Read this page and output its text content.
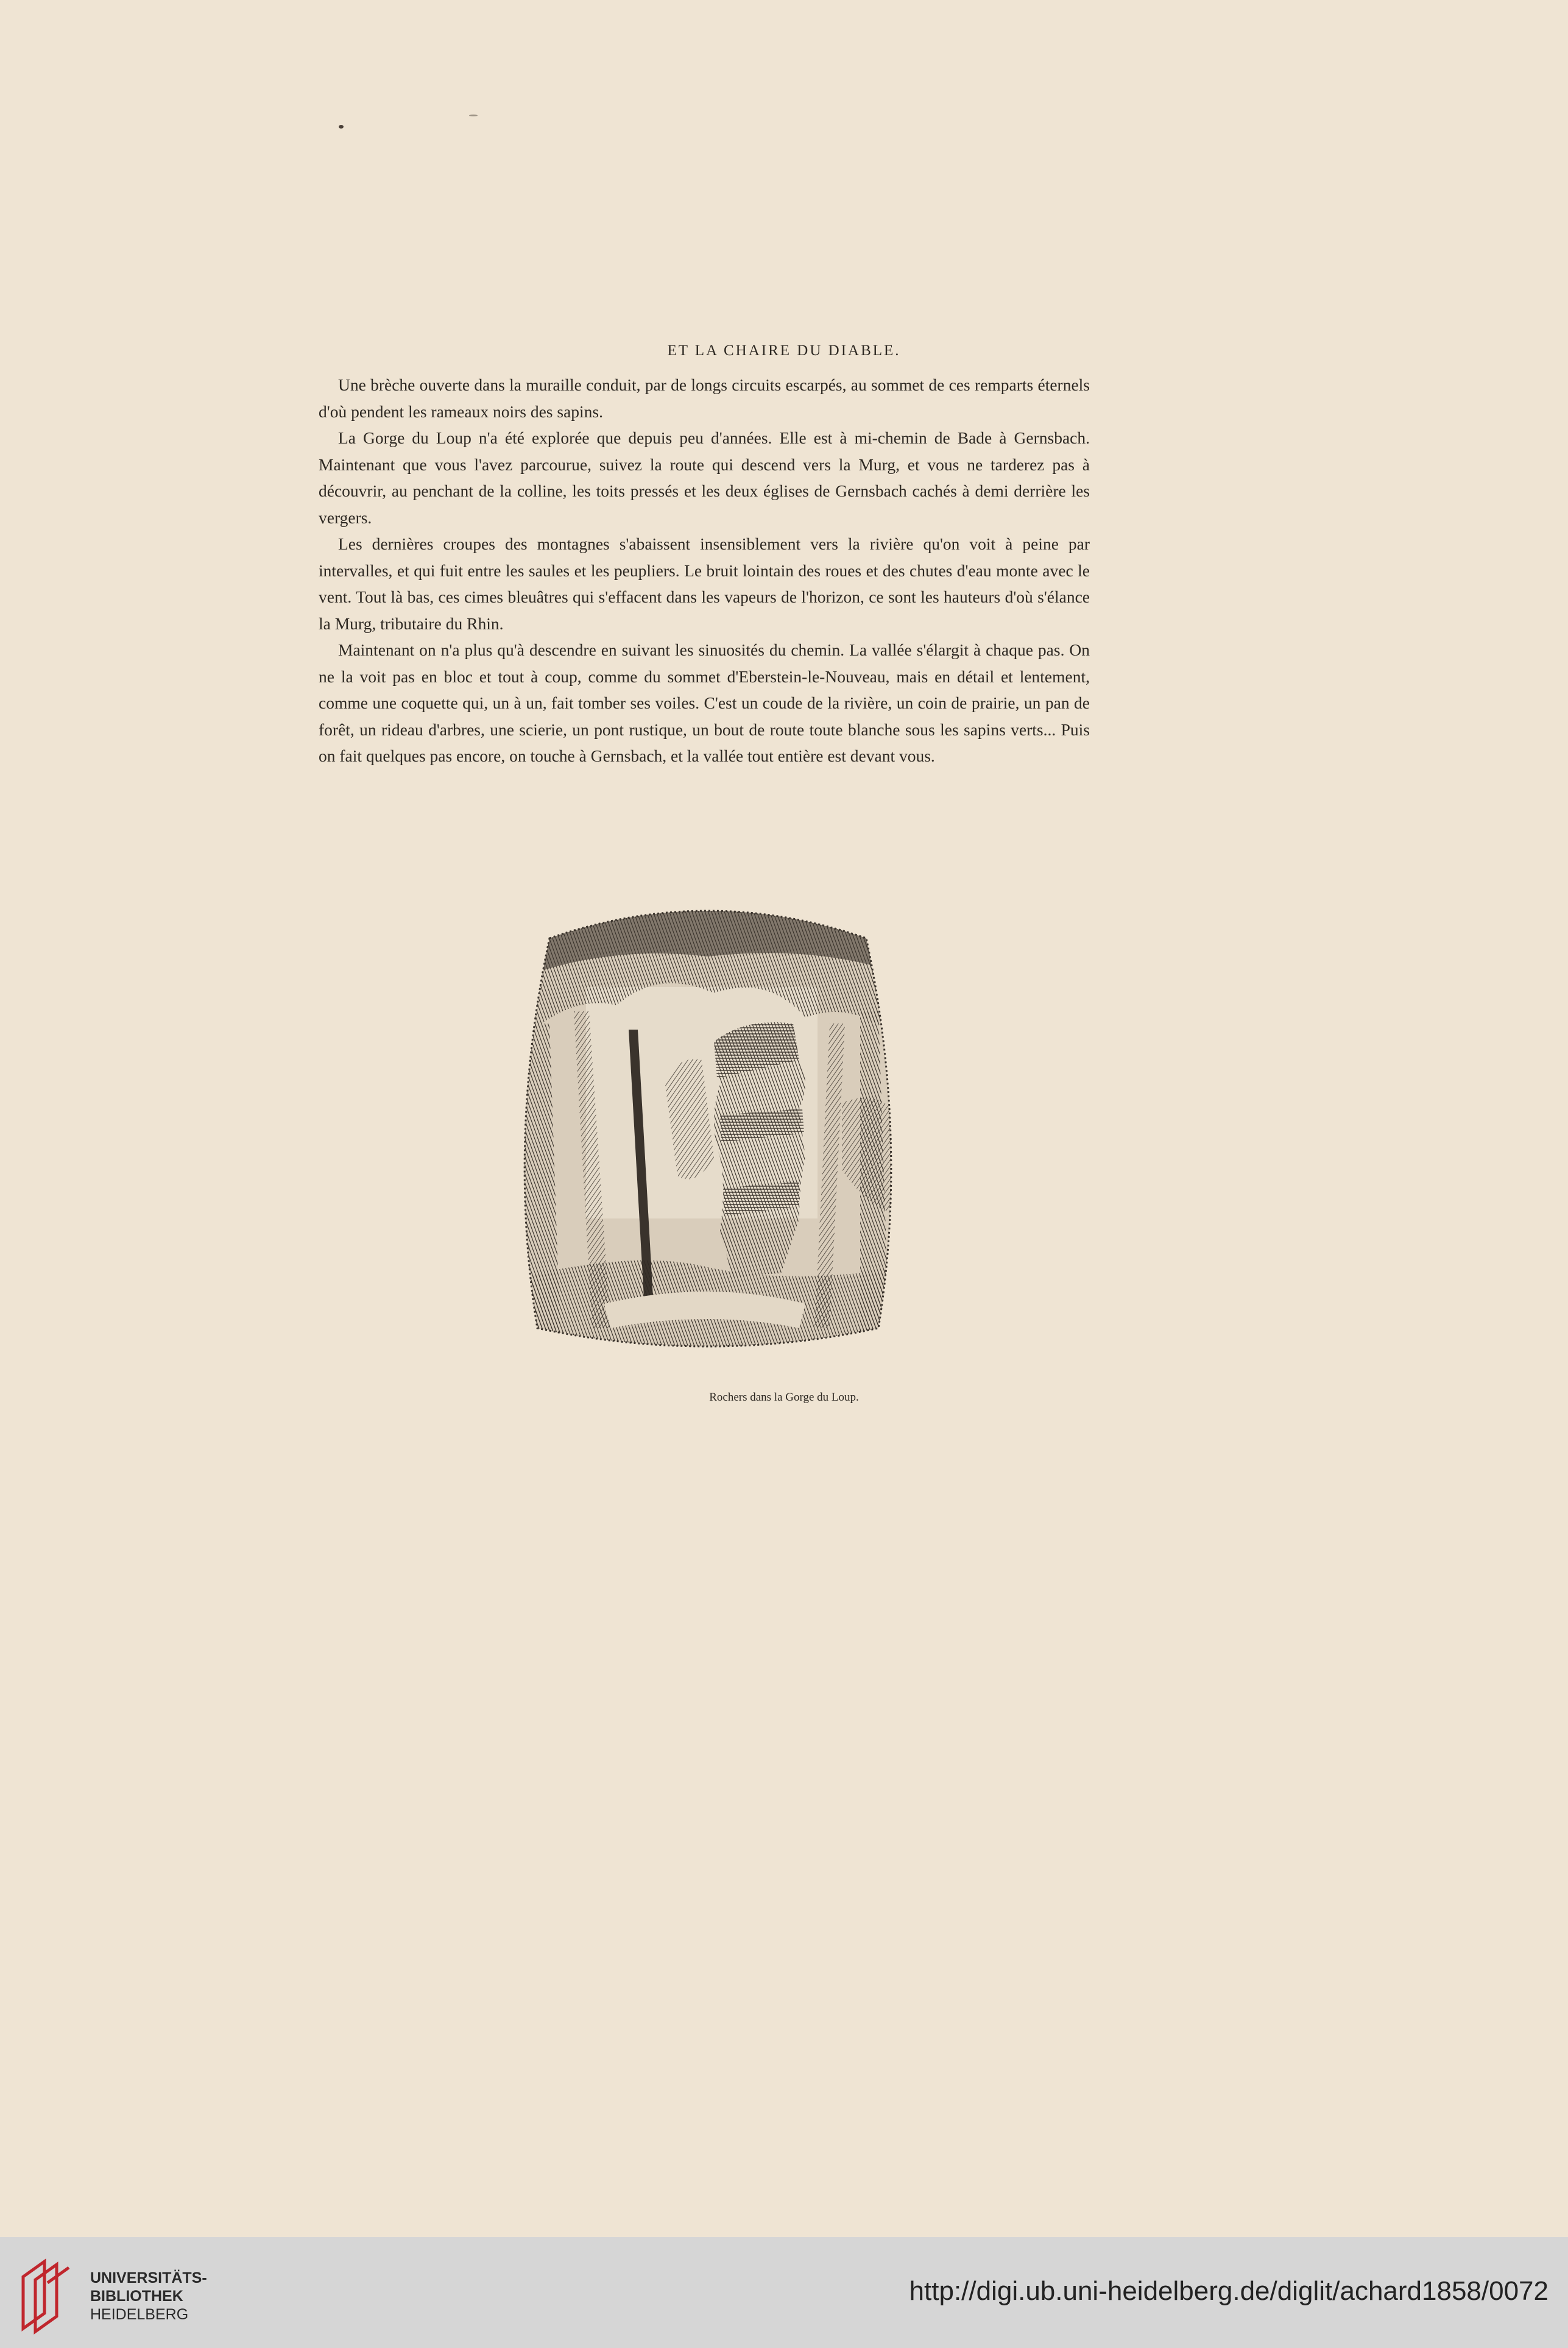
ET LA CHAIRE DU DIABLE.

Une brèche ouverte dans la muraille conduit, par de longs circuits escarpés, au sommet de ces remparts éternels d'où pendent les rameaux noirs des sapins.

La Gorge du Loup n'a été explorée que depuis peu d'années. Elle est à mi-chemin de Bade à Gernsbach. Maintenant que vous l'avez parcourue, suivez la route qui descend vers la Murg, et vous ne tarderez pas à découvrir, au penchant de la colline, les toits pressés et les deux églises de Gernsbach cachés à demi derrière les vergers.

Les dernières croupes des montagnes s'abaissent insensiblement vers la rivière qu'on voit à peine par intervalles, et qui fuit entre les saules et les peupliers. Le bruit lointain des roues et des chutes d'eau monte avec le vent. Tout là bas, ces cimes bleuâtres qui s'effacent dans les vapeurs de l'horizon, ce sont les hauteurs d'où s'élance la Murg, tributaire du Rhin.

Maintenant on n'a plus qu'à descendre en suivant les sinuosités du chemin. La vallée s'élargit à chaque pas. On ne la voit pas en bloc et tout à coup, comme du sommet d'Eberstein-le-Nouveau, mais en détail et lentement, comme une coquette qui, un à un, fait tomber ses voiles. C'est un coude de la rivière, un coin de prairie, un pan de forêt, un rideau d'arbres, une scierie, un pont rustique, un bout de route toute blanche sous les sapins verts... Puis on fait quelques pas encore, on touche à Gernsbach, et la vallée tout entière est devant vous.

Rochers dans la Gorge du Loup.
UNIVERSITÄTS-
BIBLIOTHEK
HEIDELBERG
http://digi.ub.uni-heidelberg.de/diglit/achard1858/0072
